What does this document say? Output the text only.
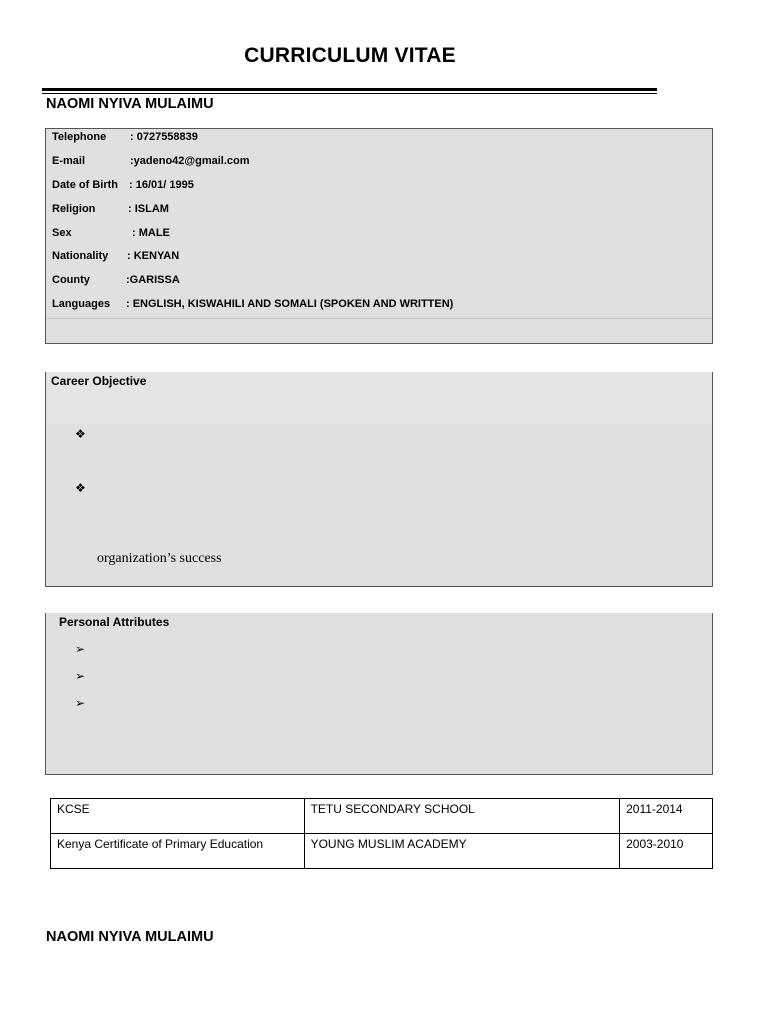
CURRICULUM VITAE
NAOMI NYIVA MULAIMU
Telephone : 0727558839
E-mail	:yadeno42@gmail.com
Date of Birth : 16/01/ 1995
Religion	: ISLAM
Sex	: MALE
Nationality : KENYAN
County	:GARISSA
Languages : ENGLISH, KISWAHILI AND SOMALI (SPOKEN AND WRITTEN)
Career Objective
❖
❖
organization’s success
Personal Attributes
➢
➢
➢
KCSE	TETU SECONDARY SCHOOL	2011-2014
Kenya Certificate of Primary Education	YOUNG MUSLIM ACADEMY	2003-2010
NAOMI NYIVA MULAIMU
